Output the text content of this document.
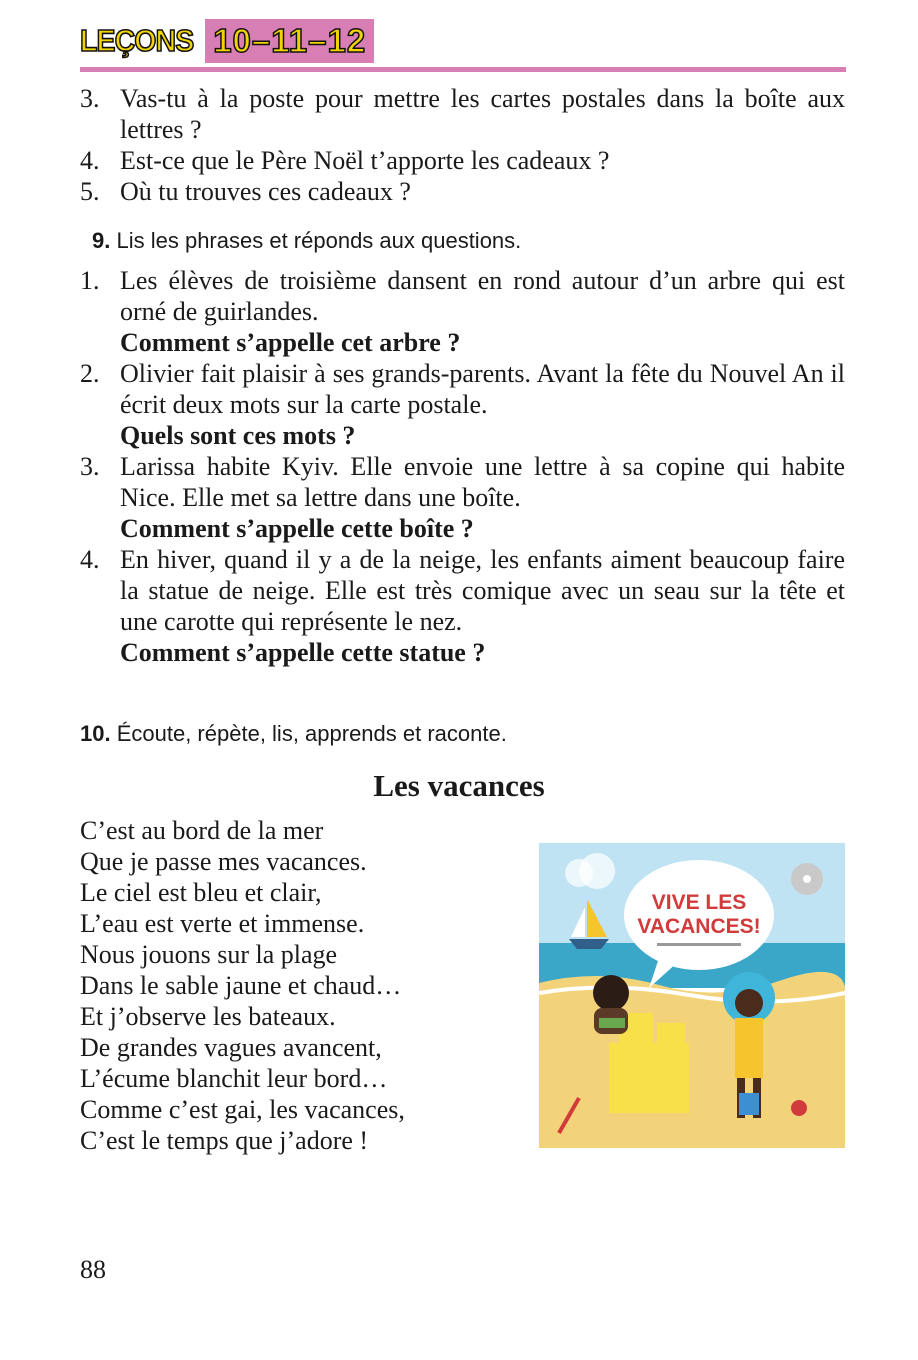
LEÇONS 10–11–12
3. Vas-tu à la poste pour mettre les cartes postales dans la boîte aux lettres ?
4. Est-ce que le Père Noël t’apporte les cadeaux ?
5. Où tu trouves ces cadeaux ?
9. Lis les phrases et réponds aux questions.
1. Les élèves de troisième dansent en rond autour d’un arbre qui est orné de guirlandes.
Comment s’appelle cet arbre ?
2. Olivier fait plaisir à ses grands-parents. Avant la fête du Nouvel An il écrit deux mots sur la carte postale.
Quels sont ces mots ?
3. Larissa habite Kyiv. Elle envoie une lettre à sa copine qui habite Nice. Elle met sa lettre dans une boîte.
Comment s’appelle cette boîte ?
4. En hiver, quand il y a de la neige, les enfants aiment beaucoup faire la statue de neige. Elle est très comique avec un seau sur la tête et une carotte qui représente le nez.
Comment s’appelle cette statue ?
10. Écoute, répète, lis, apprends et raconte.
Les vacances
C’est au bord de la mer
Que je passe mes vacances.
Le ciel est bleu et clair,
L’eau est verte et immense.
Nous jouons sur la plage
Dans le sable jaune et chaud…
Et j’observe les bateaux.
De grandes vagues avancent,
L’écume blanchit leur bord…
Comme c’est gai, les vacances,
C’est le temps que j’adore !
VIVE LES
VACANCES!
88
